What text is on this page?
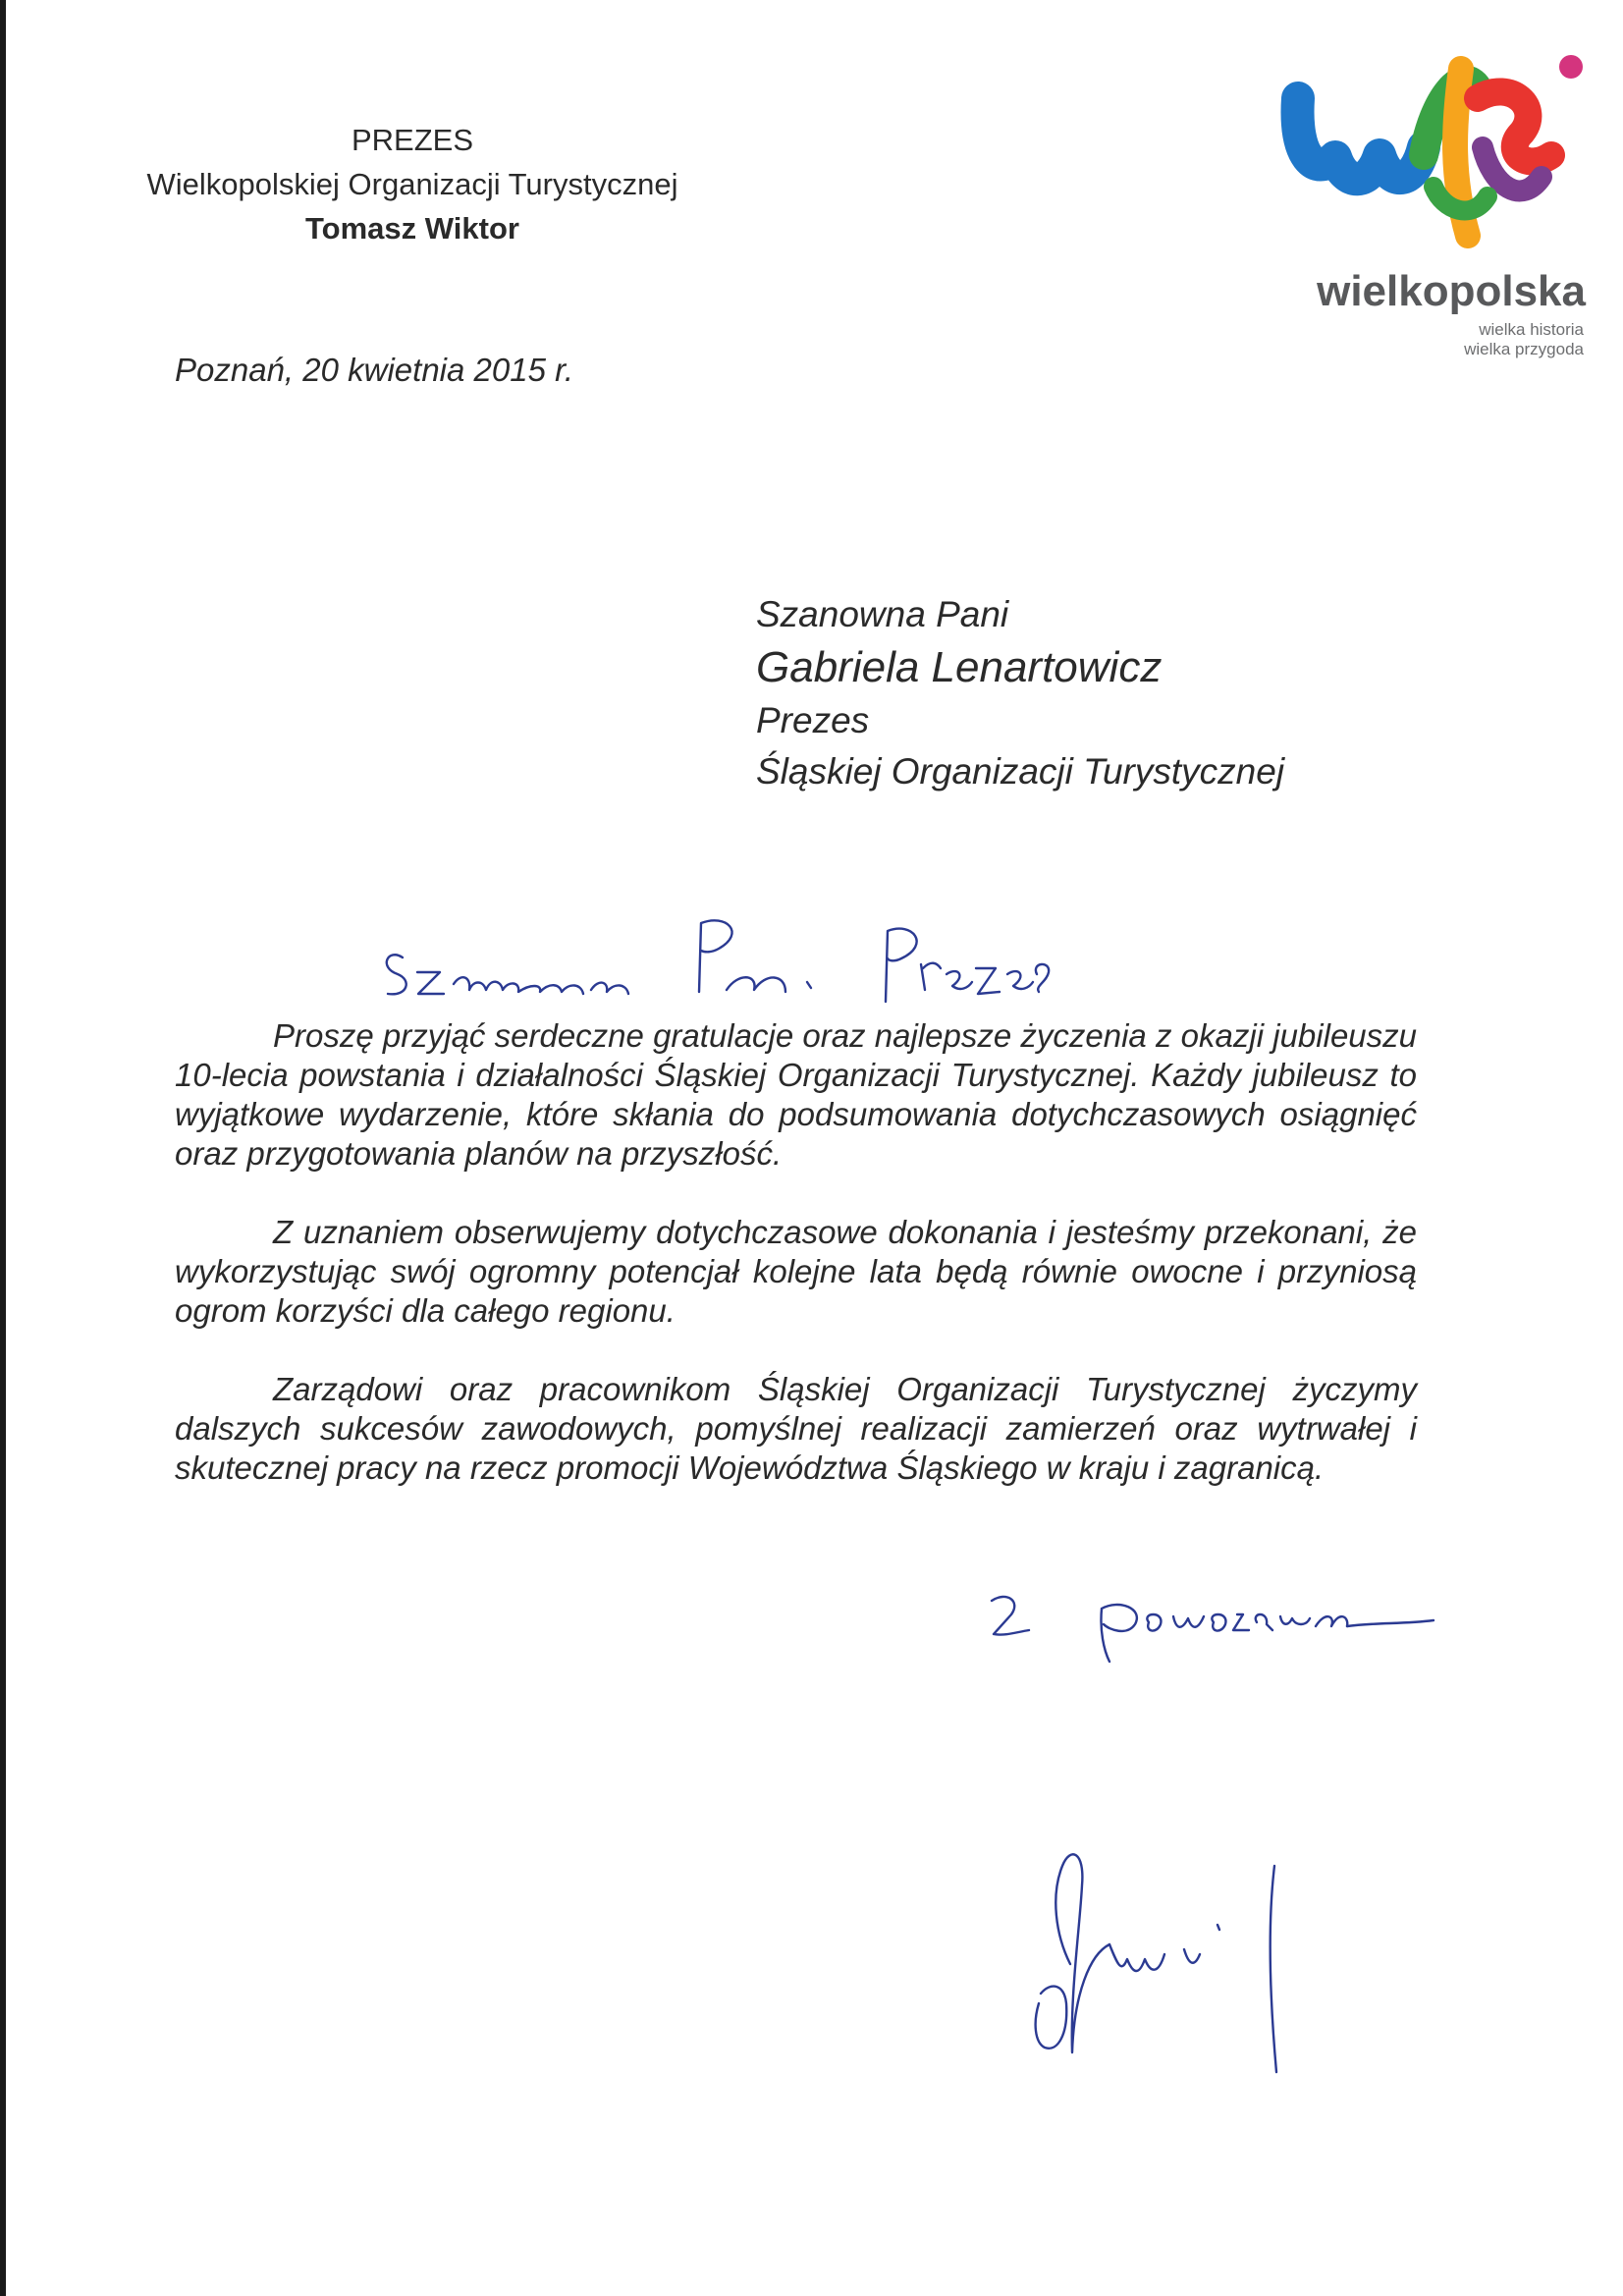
PREZES
Wielkopolskiej Organizacji Turystycznej
Tomasz Wiktor
Poznań, 20 kwietnia 2015 r.
wielkopolska
wielka historia
wielka przygoda
Szanowna Pani
Gabriela Lenartowicz
Prezes
Śląskiej Organizacji Turystycznej

Proszę przyjąć serdeczne gratulacje oraz najlepsze życzenia z okazji jubileuszu 10-lecia powstania i działalności Śląskiej Organizacji Turystycznej. Każdy jubileusz to wyjątkowe wydarzenie, które skłania do podsumowania dotychczasowych osiągnięć oraz przygotowania planów na przyszłość.

Z uznaniem obserwujemy dotychczasowe dokonania i jesteśmy przekonani, że wykorzystując swój ogromny potencjał kolejne lata będą równie owocne i przyniosą ogrom korzyści dla całego regionu.

Zarządowi oraz pracownikom Śląskiej Organizacji Turystycznej życzymy dalszych sukcesów zawodowych, pomyślnej realizacji zamierzeń oraz wytrwałej i skutecznej pracy na rzecz promocji Województwa Śląskiego w kraju i zagranicą.
